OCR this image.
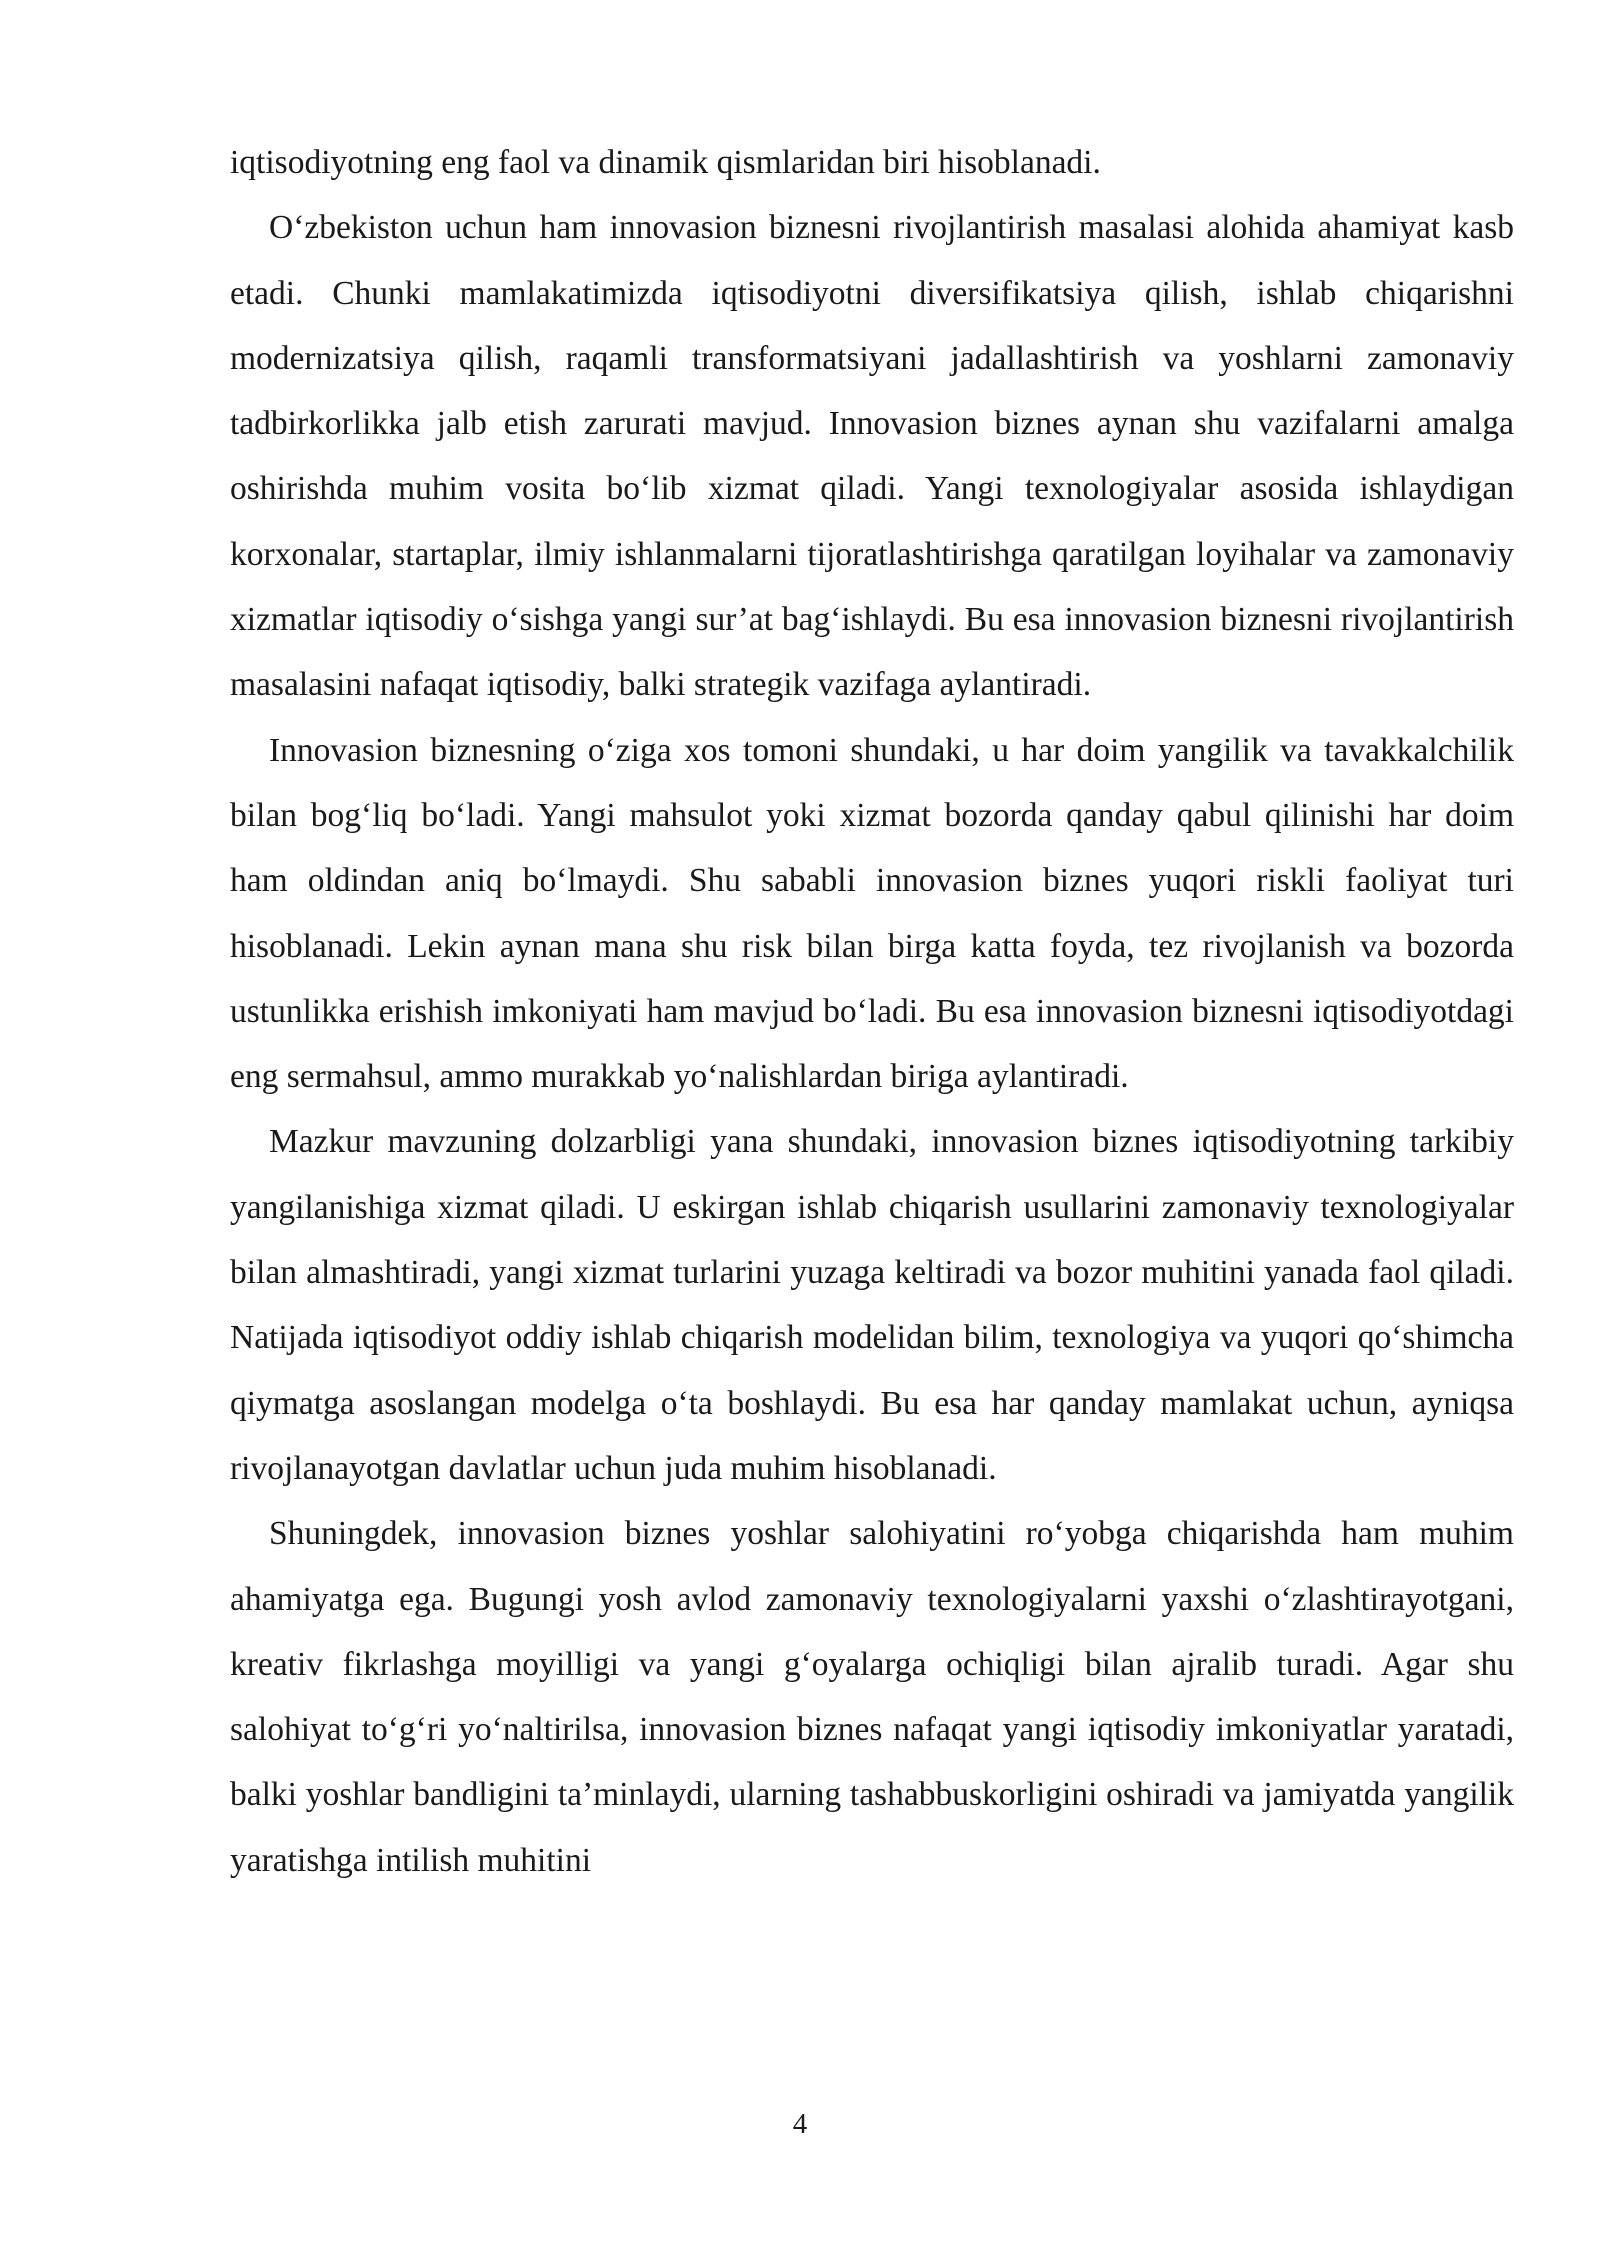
iqtisodiyotning eng faol va dinamik qismlaridan biri hisoblanadi.

O‘zbekiston uchun ham innovasion biznesni rivojlantirish masalasi alohida ahamiyat kasb etadi. Chunki mamlakatimizda iqtisodiyotni diversifikatsiya qilish, ishlab chiqarishni modernizatsiya qilish, raqamli transformatsiyani jadallashtirish va yoshlarni zamonaviy tadbirkorlikka jalb etish zarurati mavjud. Innovasion biznes aynan shu vazifalarni amalga oshirishda muhim vosita bo‘lib xizmat qiladi. Yangi texnologiyalar asosida ishlaydigan korxonalar, startaplar, ilmiy ishlanmalarni tijoratlashtirishga qaratilgan loyihalar va zamonaviy xizmatlar iqtisodiy o‘sishga yangi sur’at bag‘ishlaydi. Bu esa innovasion biznesni rivojlantirish masalasini nafaqat iqtisodiy, balki strategik vazifaga aylantiradi.

Innovasion biznesning o‘ziga xos tomoni shundaki, u har doim yangilik va tavakkalchilik bilan bog‘liq bo‘ladi. Yangi mahsulot yoki xizmat bozorda qanday qabul qilinishi har doim ham oldindan aniq bo‘lmaydi. Shu sababli innovasion biznes yuqori riskli faoliyat turi hisoblanadi. Lekin aynan mana shu risk bilan birga katta foyda, tez rivojlanish va bozorda ustunlikka erishish imkoniyati ham mavjud bo‘ladi. Bu esa innovasion biznesni iqtisodiyotdagi eng sermahsul, ammo murakkab yo‘nalishlardan biriga aylantiradi.

Mazkur mavzuning dolzarbligi yana shundaki, innovasion biznes iqtisodiyotning tarkibiy yangilanishiga xizmat qiladi. U eskirgan ishlab chiqarish usullarini zamonaviy texnologiyalar bilan almashtiradi, yangi xizmat turlarini yuzaga keltiradi va bozor muhitini yanada faol qiladi. Natijada iqtisodiyot oddiy ishlab chiqarish modelidan bilim, texnologiya va yuqori qo‘shimcha qiymatga asoslangan modelga o‘ta boshlaydi. Bu esa har qanday mamlakat uchun, ayniqsa rivojlanayotgan davlatlar uchun juda muhim hisoblanadi.

Shuningdek, innovasion biznes yoshlar salohiyatini ro‘yobga chiqarishda ham muhim ahamiyatga ega. Bugungi yosh avlod zamonaviy texnologiyalarni yaxshi o‘zlashtirayotgani, kreativ fikrlashga moyilligi va yangi g‘oyalarga ochiqligi bilan ajralib turadi. Agar shu salohiyat to‘g‘ri yo‘naltirilsa, innovasion biznes nafaqat yangi iqtisodiy imkoniyatlar yaratadi, balki yoshlar bandligini ta’minlaydi, ularning tashabbuskorligini oshiradi va jamiyatda yangilik yaratishga intilish muhitini

4
